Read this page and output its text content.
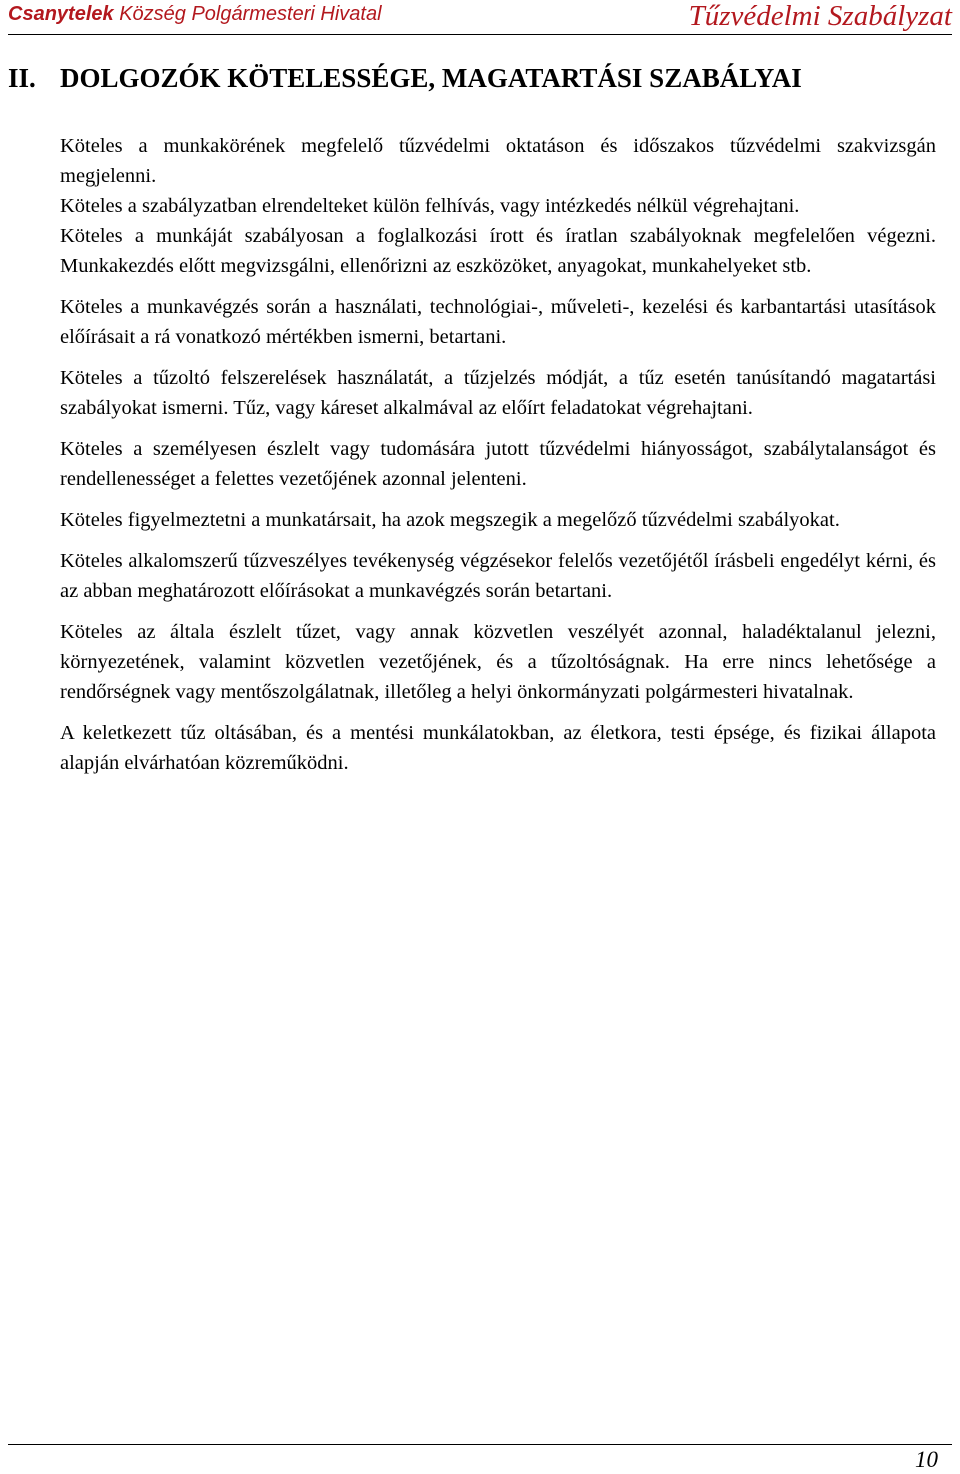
Csanytelek Község Polgármesteri Hivatal	Tűzvédelmi Szabályzat
II. DOLGOZÓK KÖTELESSÉGE, MAGATARTÁSI SZABÁLYAI

Köteles a munkakörének megfelelő tűzvédelmi oktatáson és időszakos tűzvédelmi szakvizsgán megjelenni.

Köteles a szabályzatban elrendelteket külön felhívás, vagy intézkedés nélkül végrehajtani.

Köteles a munkáját szabályosan a foglalkozási írott és íratlan szabályoknak megfelelően végezni. Munkakezdés előtt megvizsgálni, ellenőrizni az eszközöket, anyagokat, munkahelyeket stb.

Köteles a munkavégzés során a használati, technológiai-, műveleti-, kezelési és karbantartási utasítások előírásait a rá vonatkozó mértékben ismerni, betartani.

Köteles a tűzoltó felszerelések használatát, a tűzjelzés módját, a tűz esetén tanúsítandó magatartási szabályokat ismerni. Tűz, vagy káreset alkalmával az előírt feladatokat végrehajtani.

Köteles a személyesen észlelt vagy tudomására jutott tűzvédelmi hiányosságot, szabálytalanságot és rendellenességet a felettes vezetőjének azonnal jelenteni.

Köteles figyelmeztetni a munkatársait, ha azok megszegik a megelőző tűzvédelmi szabályokat.

Köteles alkalomszerű tűzveszélyes tevékenység végzésekor felelős vezetőjétől írásbeli engedélyt kérni, és az abban meghatározott előírásokat a munkavégzés során betartani.

Köteles az általa észlelt tűzet, vagy annak közvetlen veszélyét azonnal, haladéktalanul jelezni, környezetének, valamint közvetlen vezetőjének, és a tűzoltóságnak. Ha erre nincs lehetősége a rendőrségnek vagy mentőszolgálatnak, illetőleg a helyi önkormányzati polgármesteri hivatalnak.

A keletkezett tűz oltásában, és a mentési munkálatokban, az életkora, testi épsége, és fizikai állapota alapján elvárhatóan közreműködni.

10
